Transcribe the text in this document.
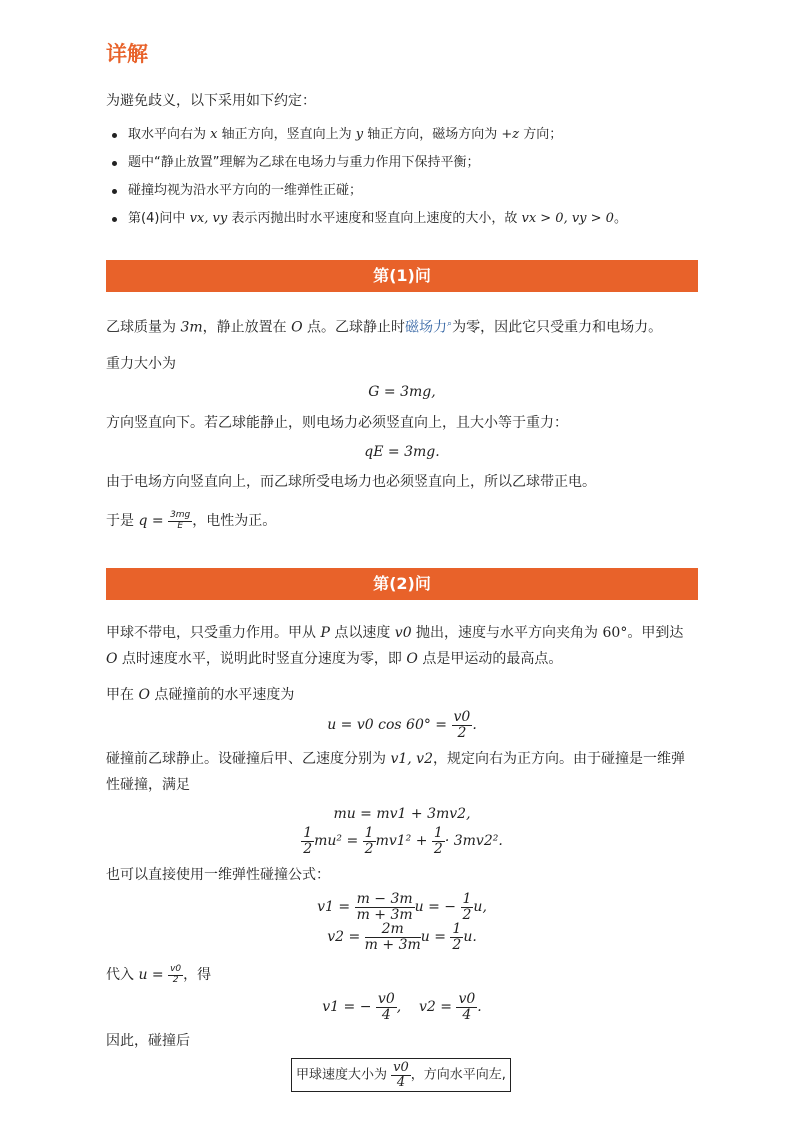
详解
为避免歧义，以下采用如下约定：
取水平向右为 x 轴正方向，竖直向上为 y 轴正方向，磁场方向为 +z 方向；
题中“静止放置”理解为乙球在电场力与重力作用下保持平衡；
碰撞均视为沿水平方向的一维弹性正碰；
第(4)问中 vx, vy 表示丙抛出时水平速度和竖直向上速度的大小，故 vx > 0, vy > 0。
第(1)问
乙球质量为 3m，静止放置在 O 点。乙球静止时磁场力⌕为零，因此它只受重力和电场力。
重力大小为
G = 3mg,
方向竖直向下。若乙球能静止，则电场力必须竖直向上，且大小等于重力：
qE = 3mg.
由于电场方向竖直向上，而乙球所受电场力也必须竖直向上，所以乙球带正电。
于是 $q = \frac{3mg}{E}$ ，电性为正。
第(2)问
甲球不带电，只受重力作用。甲从 P 点以速度 v0 抛出，速度与水平方向夹角为 60°。甲到达
O 点时速度水平，说明此时竖直分速度为零，即 O 点是甲运动的最高点。
甲在 O 点碰撞前的水平速度为
u = v0 $\cos 60^\circ = \frac{v0}{2}$ .
碰撞前乙球静止。设碰撞后甲、乙速度分别为 v1, v2，规定向右为正方向。由于碰撞是一维弹
性碰撞，满足
mu = mv1 + 3mv2,
$\frac{1}{2} mu^2 = \frac{1}{2} mv1^2 + \frac{1}{2} \cdot 3mv2^2$.
也可以直接使用一维弹性碰撞公式：
$v1 = \frac{m - 3m}{m + 3m}$ u = − $\frac{1}{2} u$,
$v2 = \frac{2m}{m + 3m}$ $u = \frac{1}{2} u$.
代入 $u = \frac{v0}{2}$ ，得
v1 = − $\frac{v0}{4}$ ,    $v2 = \frac{v0}{4}$ .
因此，碰撞后
甲球速度大小为 $\frac{v0}{4}$ ，方向水平向左,
